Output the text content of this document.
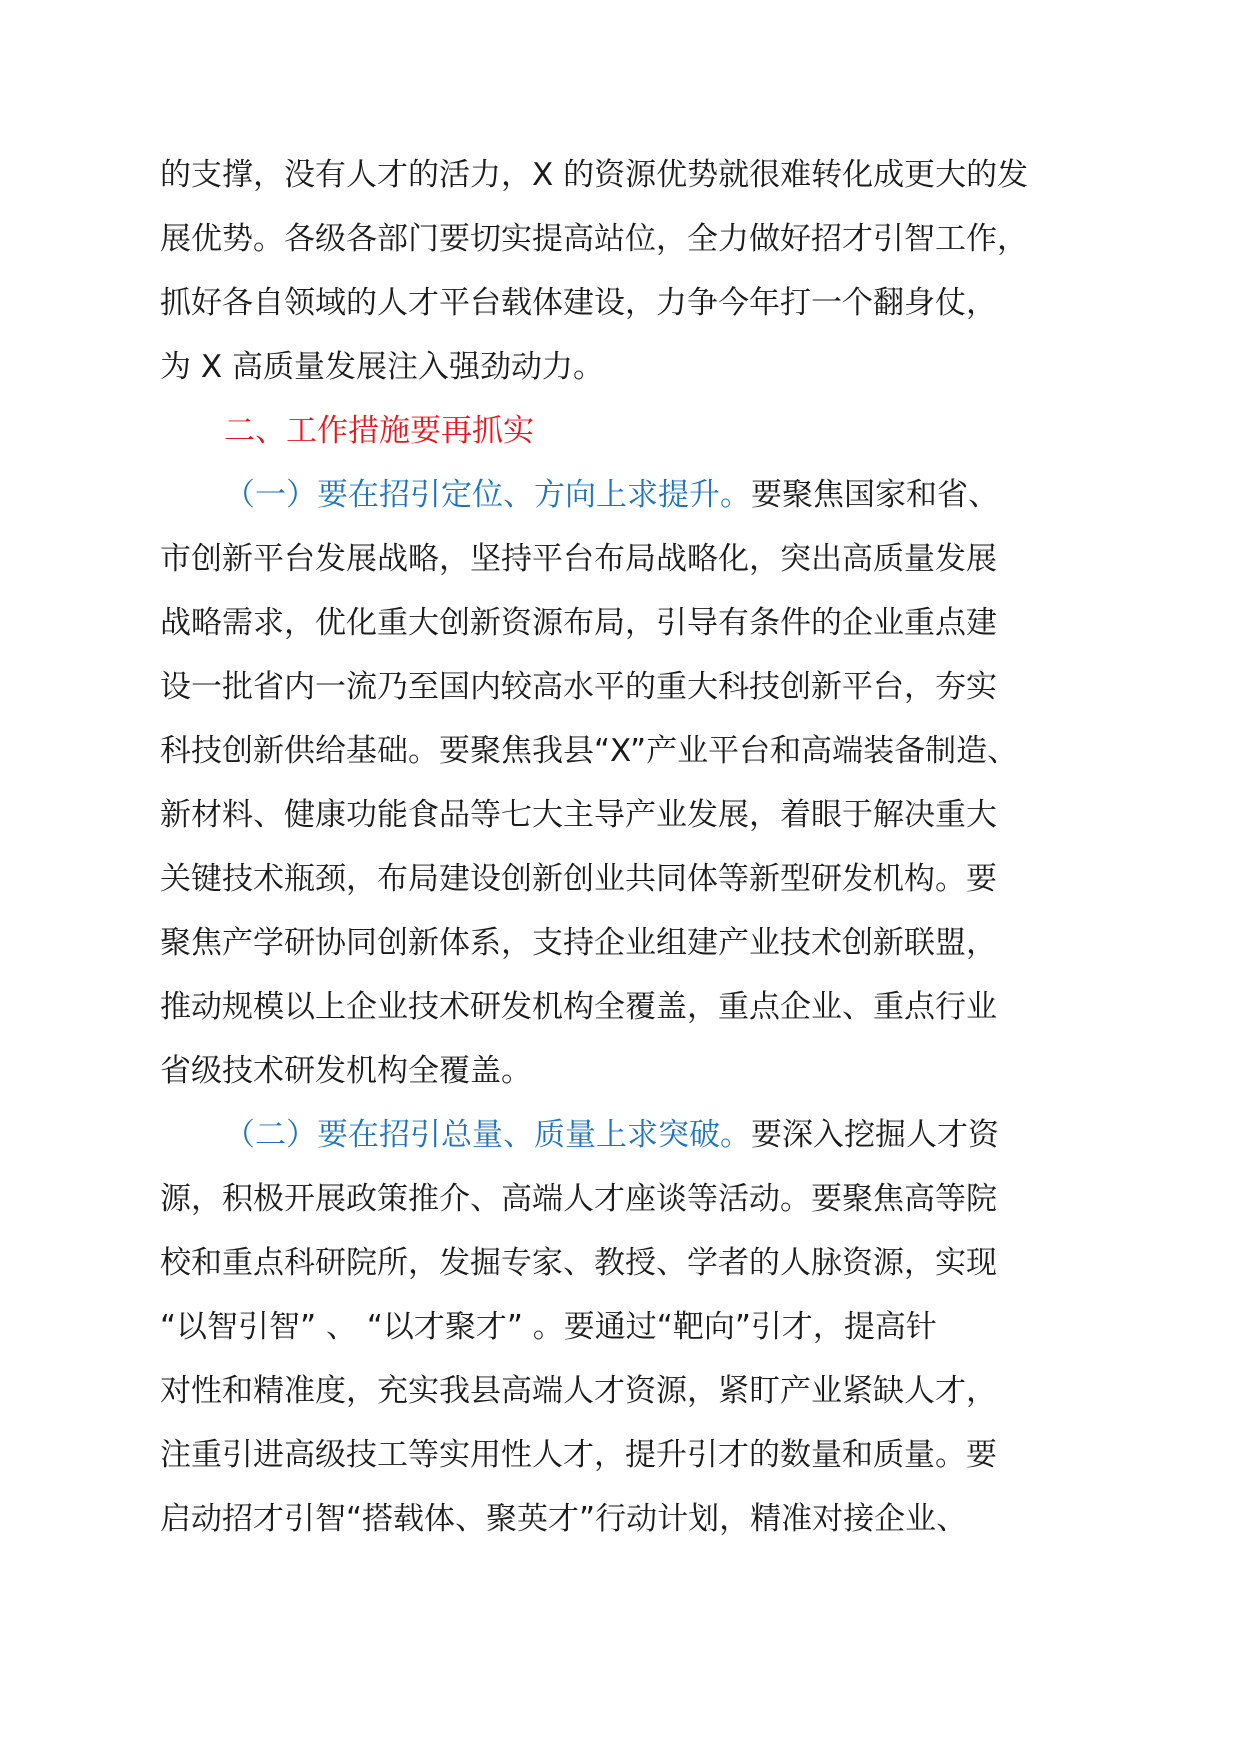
的支撑，没有人才的活力，X 的资源优势就很难转化成更大的发
展优势。各级各部门要切实提高站位，全力做好招才引智工作，
抓好各自领域的人才平台载体建设，力争今年打一个翻身仗，
为 X 高质量发展注入强劲动力。
二、工作措施要再抓实
（一）要在招引定位、方向上求提升。要聚焦国家和省、
市创新平台发展战略，坚持平台布局战略化，突出高质量发展
战略需求，优化重大创新资源布局，引导有条件的企业重点建
设一批省内一流乃至国内较高水平的重大科技创新平台，夯实
科技创新供给基础。要聚焦我县“X”产业平台和高端装备制造、
新材料、健康功能食品等七大主导产业发展，着眼于解决重大
关键技术瓶颈，布局建设创新创业共同体等新型研发机构。要
聚焦产学研协同创新体系，支持企业组建产业技术创新联盟，
推动规模以上企业技术研发机构全覆盖，重点企业、重点行业
省级技术研发机构全覆盖。
（二）要在招引总量、质量上求突破。要深入挖掘人才资
源，积极开展政策推介、高端人才座谈等活动。要聚焦高等院
校和重点科研院所，发掘专家、教授、学者的人脉资源，实现
“以智引智” 、 “以才聚才” 。要通过“靶向”引才，提高针
对性和精准度，充实我县高端人才资源，紧盯产业紧缺人才，
注重引进高级技工等实用性人才，提升引才的数量和质量。要
启动招才引智“搭载体、聚英才”行动计划，精准对接企业、
